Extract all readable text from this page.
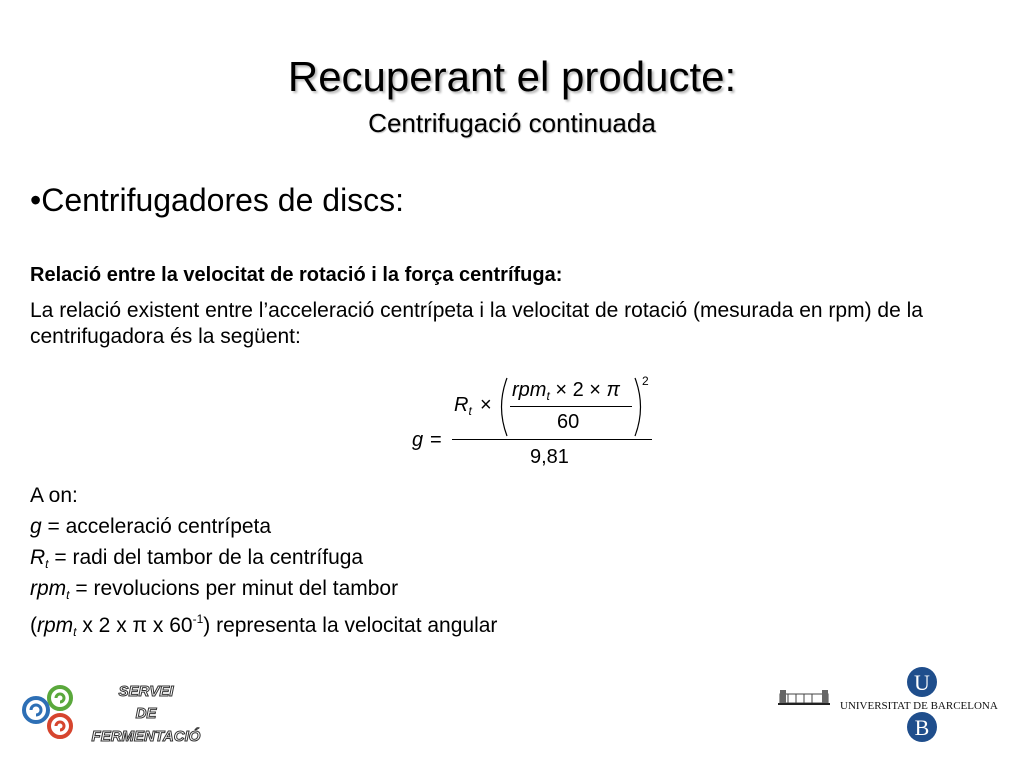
Recuperant el producte:
Centrifugació continuada
•Centrifugadores de discs:
Relació entre la velocitat de rotació i la força centrífuga:
La relació existent entre l’acceleració centrípeta i la velocitat de rotació (mesurada en rpm) de la centrifugadora és la següent:
g =
$R_t$ ×
rpm$_t$ × 2 × π
60
2
9,81
A on:
g = acceleració centrípeta
$R_t$ = radi del tambor de la centrífuga
rpm$_t$ = revolucions per minut del tambor
(rpm$_t$ x 2 x π x $60^{-1}$) representa la velocitat angular
SERVEI
DE
FERMENTACIÓ
U
UNIVERSITAT DE BARCELONA
B
